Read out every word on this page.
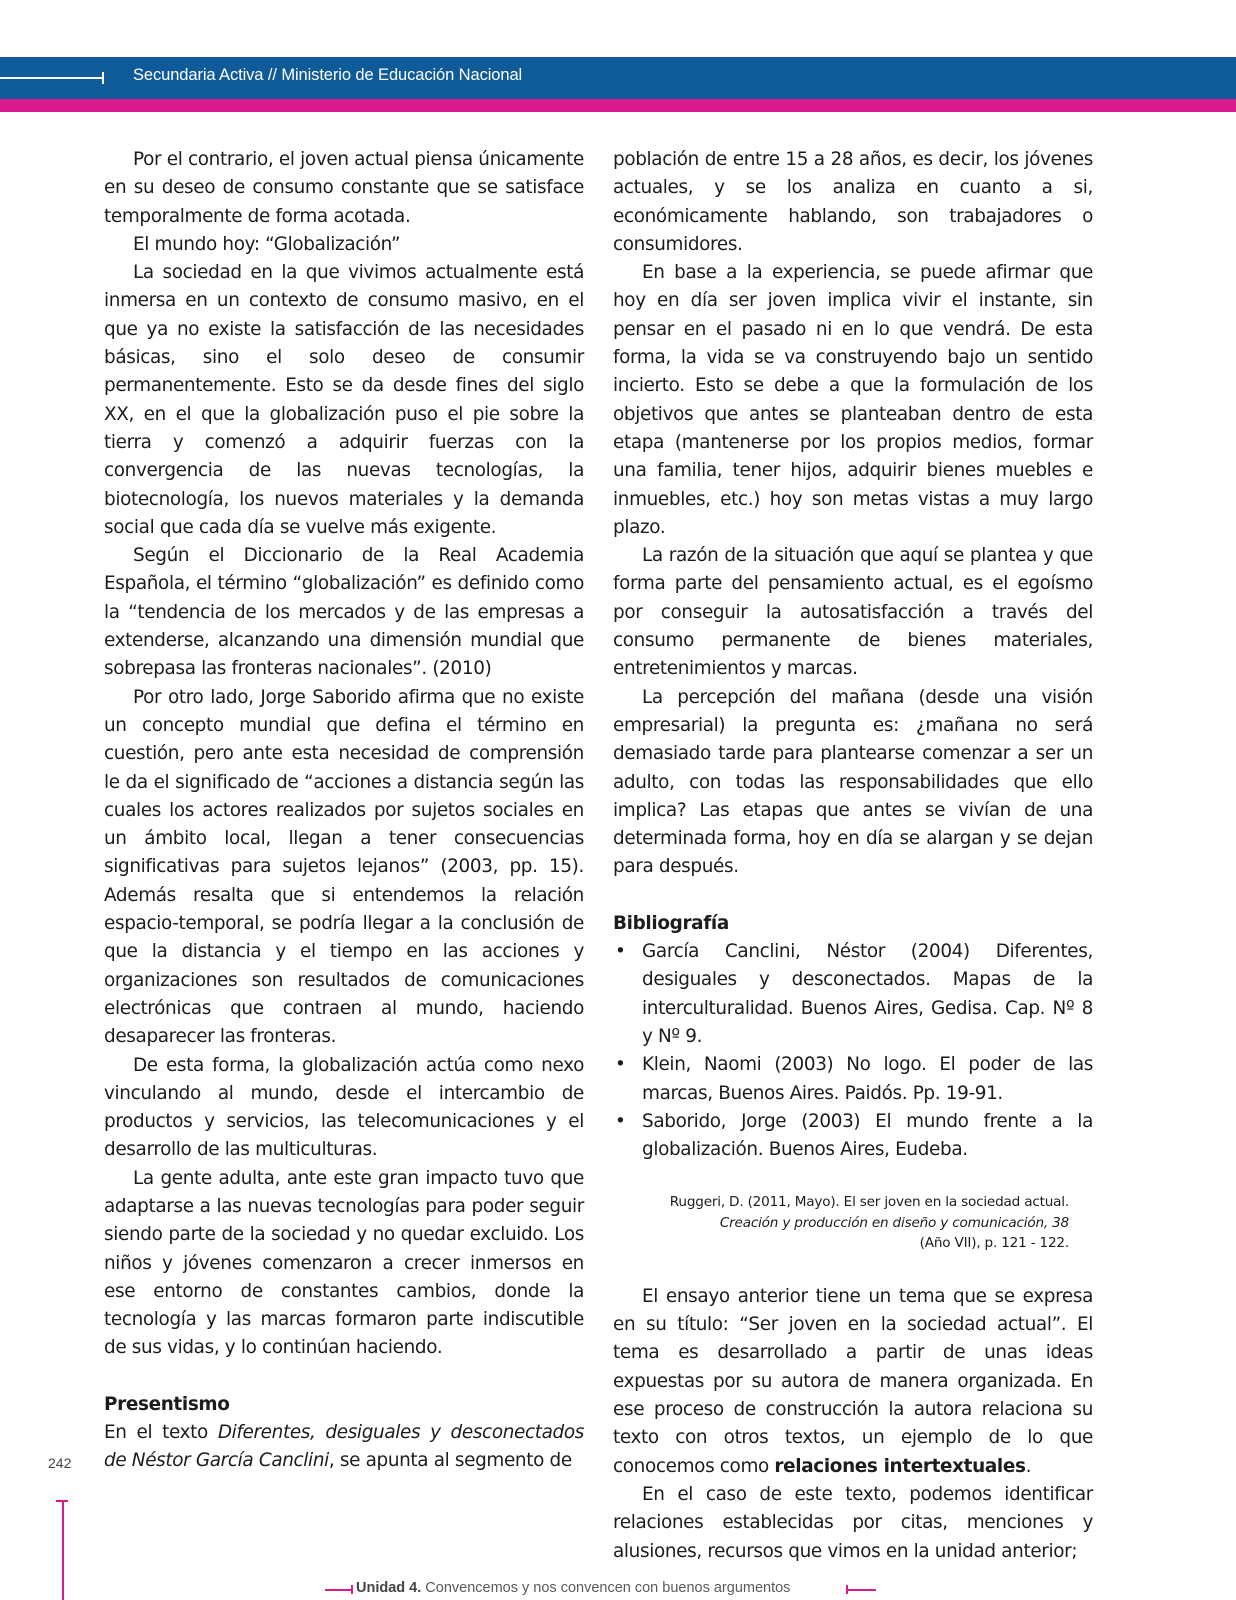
Secundaria Activa // Ministerio de Educación Nacional

Por el contrario, el joven actual piensa únicamente en su deseo de consumo constante que se satisface temporalmente de forma acotada.

El mundo hoy: “Globalización”

La sociedad en la que vivimos actualmente está inmersa en un contexto de consumo masivo, en el que ya no existe la satisfacción de las necesidades básicas, sino el solo deseo de consumir permanentemente. Esto se da desde fines del siglo XX, en el que la globalización puso el pie sobre la tierra y comenzó a adquirir fuerzas con la convergencia de las nuevas tecnologías, la biotecnología, los nuevos materiales y la demanda social que cada día se vuelve más exigente.

Según el Diccionario de la Real Academia Española, el término “globalización” es definido como la “tendencia de los mercados y de las empresas a extenderse, alcanzando una dimensión mundial que sobrepasa las fronteras nacionales”. (2010)

Por otro lado, Jorge Saborido afirma que no existe un concepto mundial que defina el término en cuestión, pero ante esta necesidad de comprensión le da el significado de “acciones a distancia según las cuales los actores realizados por sujetos sociales en un ámbito local, llegan a tener consecuencias significativas para sujetos lejanos” (2003, pp. 15). Además resalta que si entendemos la relación espacio-temporal, se podría llegar a la conclusión de que la distancia y el tiempo en las acciones y organizaciones son resultados de comunicaciones electrónicas que contraen al mundo, haciendo desaparecer las fronteras.

De esta forma, la globalización actúa como nexo vinculando al mundo, desde el intercambio de productos y servicios, las telecomunicaciones y el desarrollo de las multiculturas.

La gente adulta, ante este gran impacto tuvo que adaptarse a las nuevas tecnologías para poder seguir siendo parte de la sociedad y no quedar excluido. Los niños y jóvenes comenzaron a crecer inmersos en ese entorno de constantes cambios, donde la tecnología y las marcas formaron parte indiscutible de sus vidas, y lo continúan haciendo.

Presentismo

En el texto Diferentes, desiguales y desconectados de Néstor García Canclini, se apunta al segmento de

población de entre 15 a 28 años, es decir, los jóvenes actuales, y se los analiza en cuanto a si, económicamente hablando, son trabajadores o consumidores.

En base a la experiencia, se puede afirmar que hoy en día ser joven implica vivir el instante, sin pensar en el pasado ni en lo que vendrá. De esta forma, la vida se va construyendo bajo un sentido incierto. Esto se debe a que la formulación de los objetivos que antes se planteaban dentro de esta etapa (mantenerse por los propios medios, formar una familia, tener hijos, adquirir bienes muebles e inmuebles, etc.) hoy son metas vistas a muy largo plazo.

La razón de la situación que aquí se plantea y que forma parte del pensamiento actual, es el egoísmo por conseguir la autosatisfacción a través del consumo permanente de bienes materiales, entretenimientos y marcas.

La percepción del mañana (desde una visión empresarial) la pregunta es: ¿mañana no será demasiado tarde para plantearse comenzar a ser un adulto, con todas las responsabilidades que ello implica? Las etapas que antes se vivían de una determinada forma, hoy en día se alargan y se dejan para después.

Bibliografía
• García Canclini, Néstor (2004) Diferentes, desiguales y desconectados. Mapas de la interculturalidad. Buenos Aires, Gedisa. Cap. Nº 8 y Nº 9.
• Klein, Naomi (2003) No logo. El poder de las marcas, Buenos Aires. Paidós. Pp. 19-91.
• Saborido, Jorge (2003) El mundo frente a la globalización. Buenos Aires, Eudeba.
Ruggeri, D. (2011, Mayo). El ser joven en la sociedad actual.
Creación y producción en diseño y comunicación, 38
(Año VII), p. 121 - 122.

El ensayo anterior tiene un tema que se expresa en su título: “Ser joven en la sociedad actual”. El tema es desarrollado a partir de unas ideas expuestas por su autora de manera organizada. En ese proceso de construcción la autora relaciona su texto con otros textos, un ejemplo de lo que conocemos como relaciones intertextuales.

En el caso de este texto, podemos identificar relaciones establecidas por citas, menciones y alusiones, recursos que vimos en la unidad anterior;

242
Unidad 4. Convencemos y nos convencen con buenos argumentos
